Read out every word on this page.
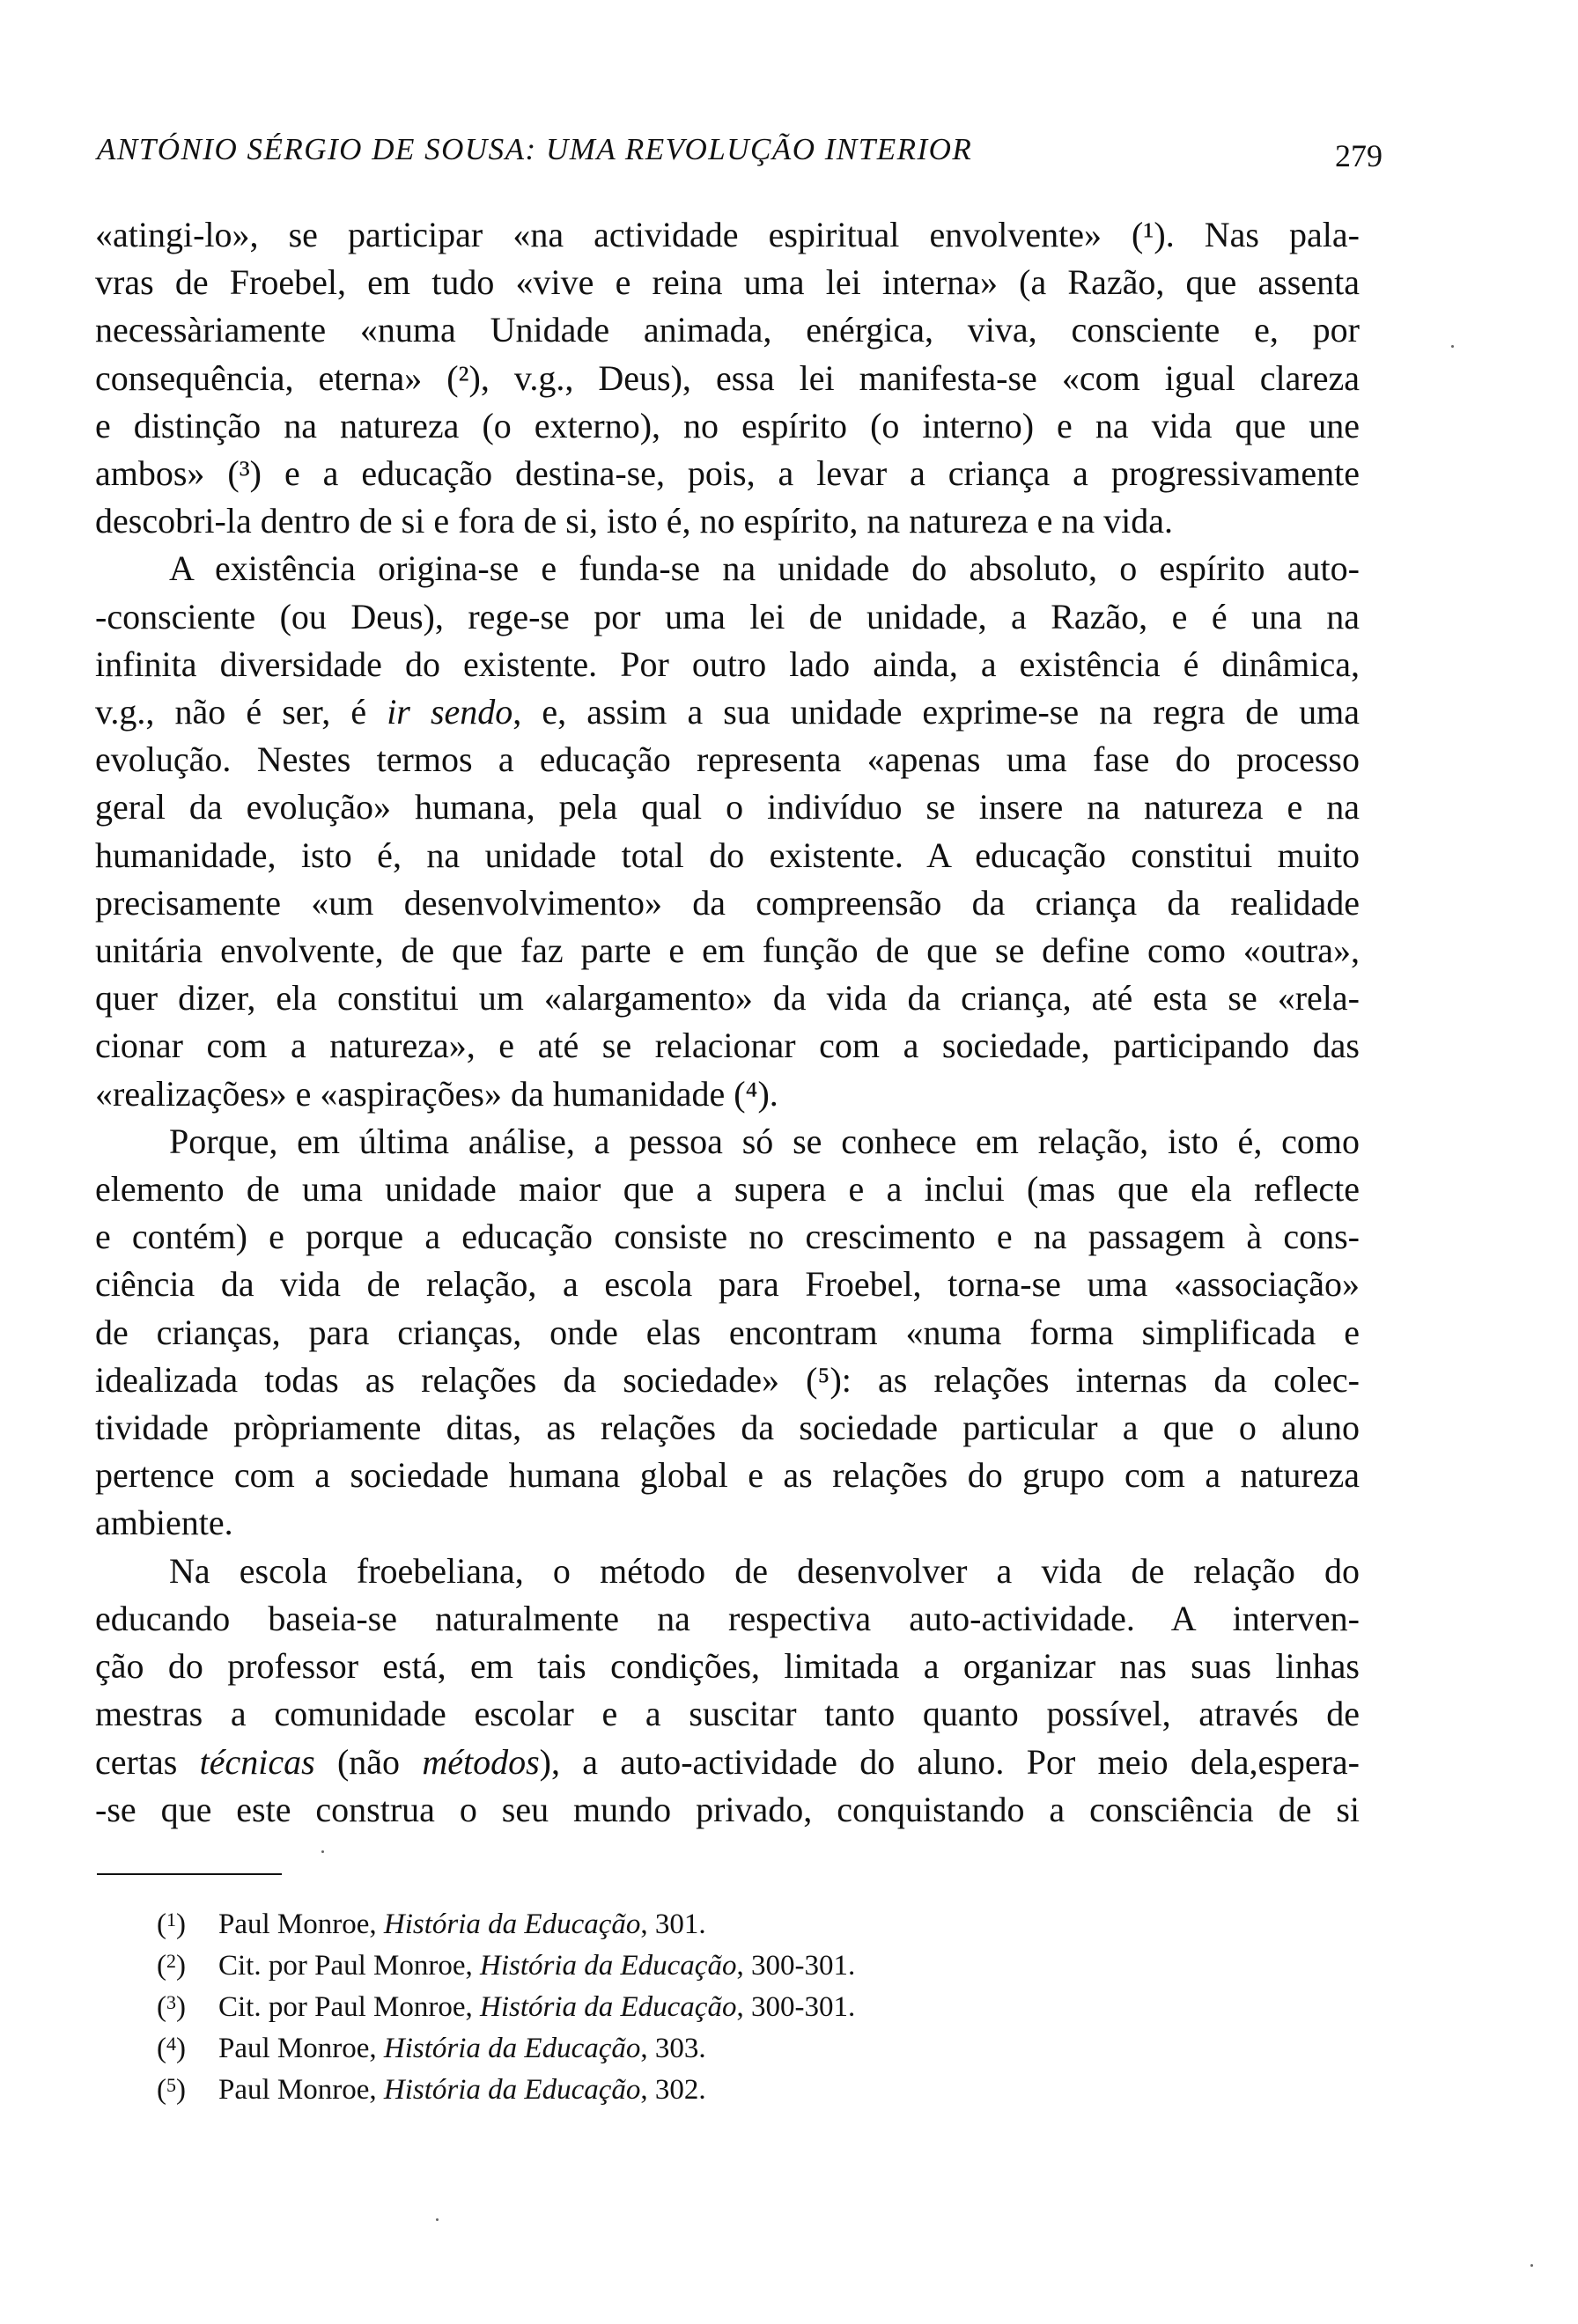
ANTÓNIO SÉRGIO DE SOUSA: UMA REVOLUÇÃO INTERIOR	279

«atingi-lo», se participar «na actividade espiritual envolvente» (¹). Nas pala-

vras de Froebel, em tudo «vive e reina uma lei interna» (a Razão, que assenta

necessàriamente «numa Unidade animada, enérgica, viva, consciente e, por

consequência, eterna» (²), v.g., Deus), essa lei manifesta-se «com igual clareza

e distinção na natureza (o externo), no espírito (o interno) e na vida que une

ambos» (³) e a educação destina-se, pois, a levar a criança a progressivamente

descobri-la dentro de si e fora de si, isto é, no espírito, na natureza e na vida.

A existência origina-se e funda-se na unidade do absoluto, o espírito auto-

-consciente (ou Deus), rege-se por uma lei de unidade, a Razão, e é una na

infinita diversidade do existente. Por outro lado ainda, a existência é dinâmica,

v.g., não é ser, é ir sendo, e, assim a sua unidade exprime-se na regra de uma

evolução. Nestes termos a educação representa «apenas uma fase do processo

geral da evolução» humana, pela qual o indivíduo se insere na natureza e na

humanidade, isto é, na unidade total do existente. A educação constitui muito

precisamente «um desenvolvimento» da compreensão da criança da realidade

unitária envolvente, de que faz parte e em função de que se define como «outra»,

quer dizer, ela constitui um «alargamento» da vida da criança, até esta se «rela-

cionar com a natureza», e até se relacionar com a sociedade, participando das

«realizações» e «aspirações» da humanidade (⁴).

Porque, em última análise, a pessoa só se conhece em relação, isto é, como

elemento de uma unidade maior que a supera e a inclui (mas que ela reflecte

e contém) e porque a educação consiste no crescimento e na passagem à cons-

ciência da vida de relação, a escola para Froebel, torna-se uma «associação»

de crianças, para crianças, onde elas encontram «numa forma simplificada e

idealizada todas as relações da sociedade» (⁵): as relações internas da colec-

tividade pròpriamente ditas, as relações da sociedade particular a que o aluno

pertence com a sociedade humana global e as relações do grupo com a natureza

ambiente.

Na escola froebeliana, o método de desenvolver a vida de relação do

educando baseia-se naturalmente na respectiva auto-actividade. A interven-

ção do professor está, em tais condições, limitada a organizar nas suas linhas

mestras a comunidade escolar e a suscitar tanto quanto possível, através de

certas técnicas (não métodos), a auto-actividade do aluno. Por meio dela,espera-

-se que este construa o seu mundo privado, conquistando a consciência de si

($^1$) Paul Monroe, História da Educação, 301.
($^2$) Cit. por Paul Monroe, História da Educação, 300-301.
($^3$) Cit. por Paul Monroe, História da Educação, 300-301.
($^4$) Paul Monroe, História da Educação, 303.
($^5$) Paul Monroe, História da Educação, 302.
